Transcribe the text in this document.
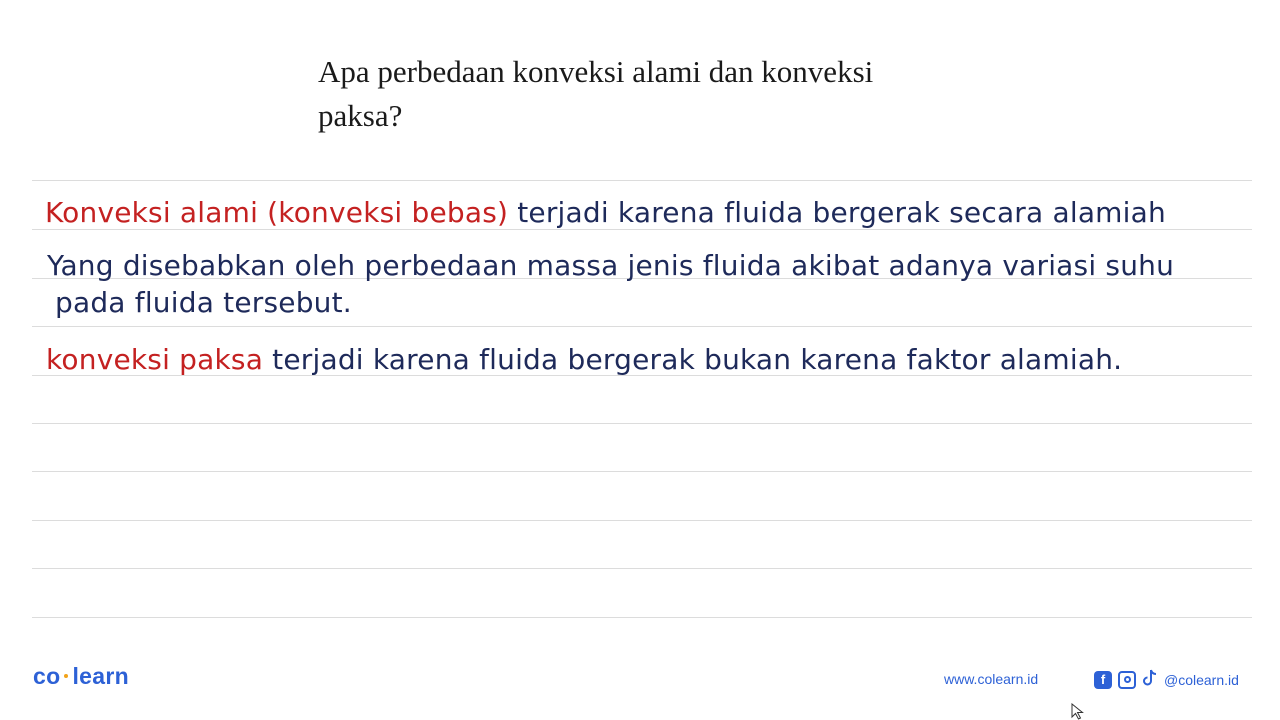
Apa perbedaan konveksi alami dan konveksi
paksa?
Konveksi alami (konveksi bebas) terjadi karena fluida bergerak secara alamiah
Yang disebabkan oleh perbedaan massa jenis fluida akibat adanya variasi suhu
pada fluida tersebut.
konveksi paksa terjadi karena fluida bergerak bukan karena faktor alamiah.
co learn	www.colearn.id	f	@colearn.id
